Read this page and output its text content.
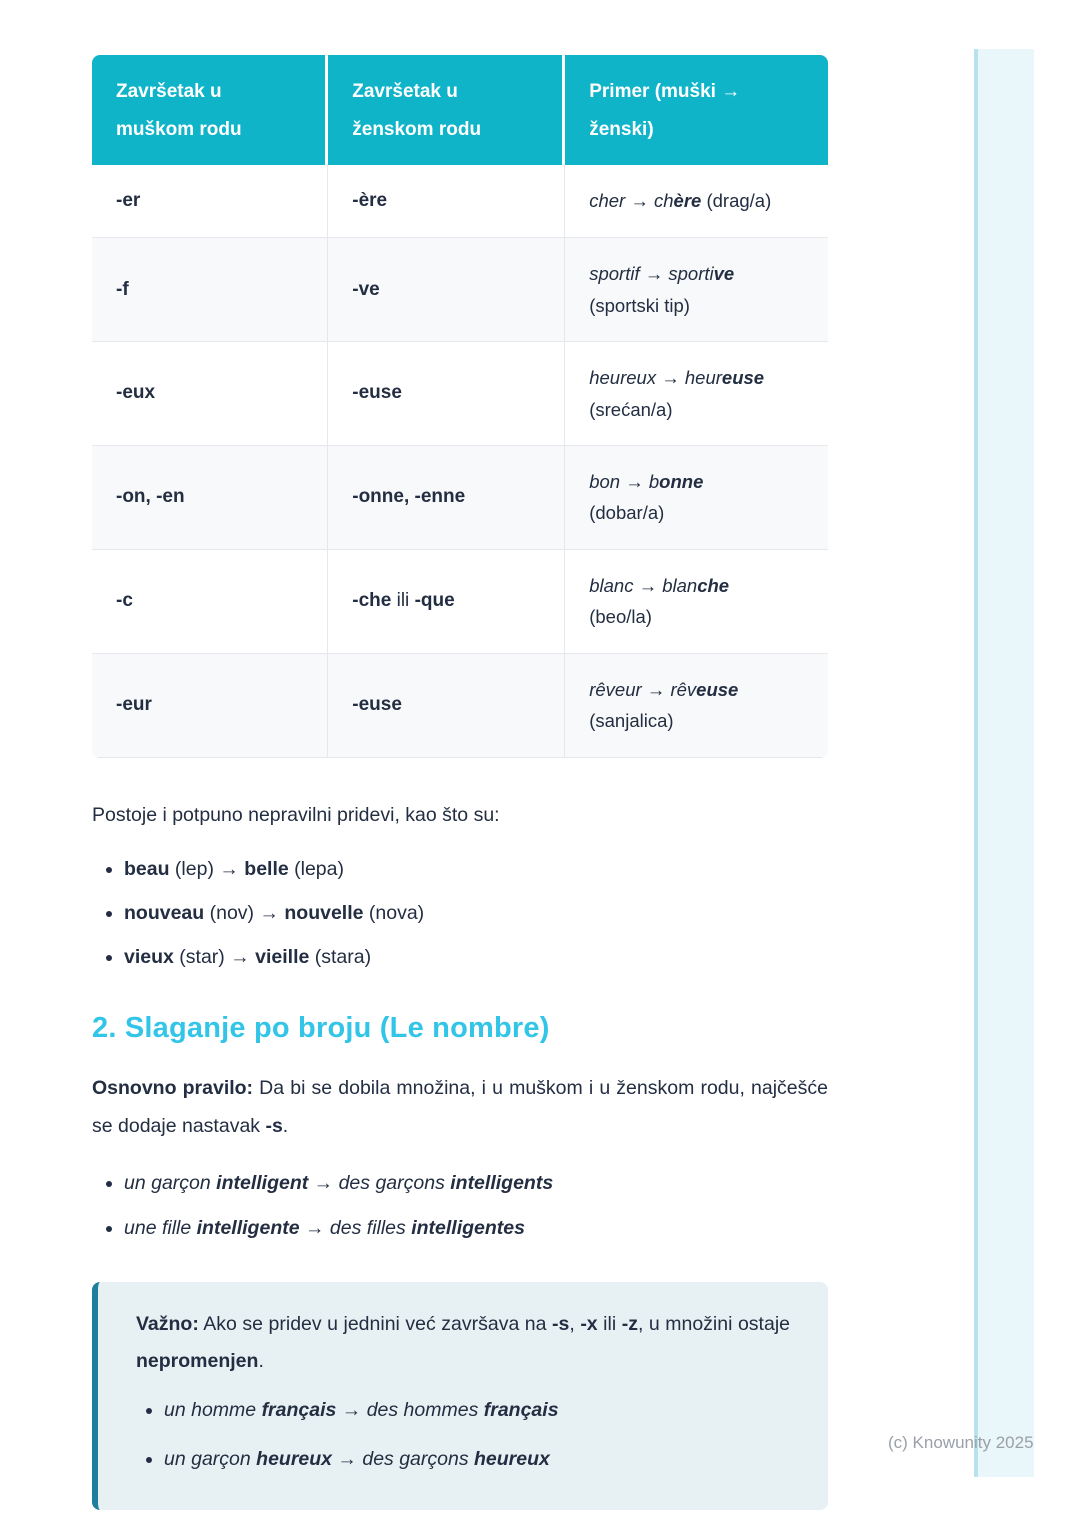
Završetak u muškom rodu	Završetak u ženskom rodu	Primer (muški → ženski)
-er	-ère	cher → chère (drag/a)

-f	-ve	sportif → sportive
(sportski tip)

-eux	-euse	heureux → heureuse
(srećan/a)

-on, -en	-onne, -enne	bon → bonne
(dobar/a)

-c	-che ili -que	blanc → blanche
(beo/la)

-eur	-euse	rêveur → rêveuse
(sanjalica)

Postoje i potpuno nepravilni pridevi, kao što su:

• beau (lep) → belle (lepa)
• nouveau (nov) → nouvelle (nova)
• vieux (star) → vieille (stara)
2. Slaganje po broju (Le nombre)

Osnovno pravilo: Da bi se dobila množina, i u muškom i u ženskom rodu, najčešće se dodaje nastavak -s.

• un garçon intelligent → des garçons intelligents
• une fille intelligente → des filles intelligentes

Važno: Ako se pridev u jednini već završava na -s, -x ili -z, u množini ostaje nepromenjen.

• un homme français → des hommes français
• un garçon heureux → des garçons heureux
(c) Knowunity 2025
